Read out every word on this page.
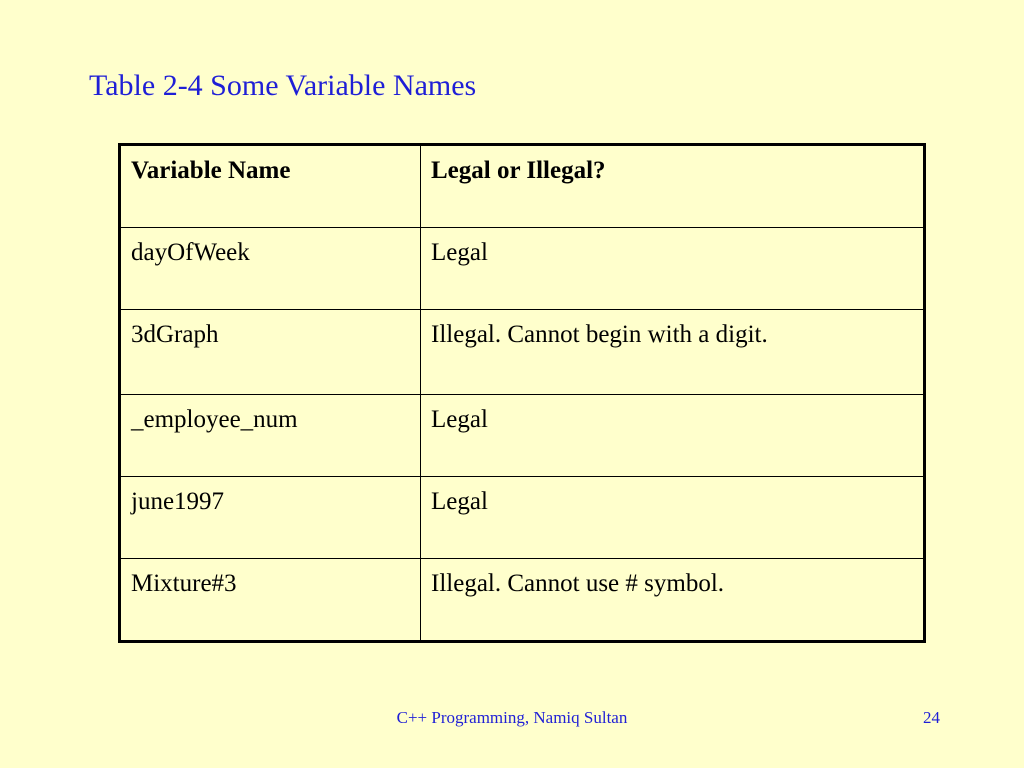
Table 2-4 Some Variable Names
Variable Name	Legal or Illegal?
dayOfWeek	Legal
3dGraph	Illegal. Cannot begin with a digit.
_employee_num	Legal
june1997	Legal
Mixture#3	Illegal. Cannot use # symbol.
C++ Programming, Namiq Sultan	24
